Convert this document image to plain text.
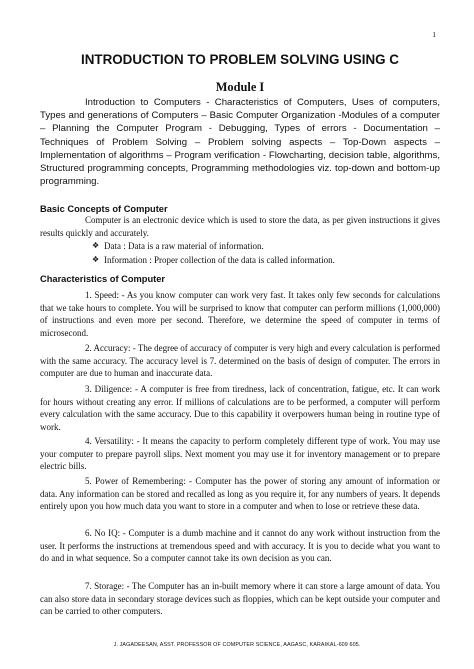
1
INTRODUCTION TO PROBLEM SOLVING USING C
Module I

Introduction to Computers - Characteristics of Computers, Uses of computers, Types and generations of Computers – Basic Computer Organization -Modules of a computer – Planning the Computer Program - Debugging, Types of errors - Documentation – Techniques of Problem Solving – Problem solving aspects – Top-Down aspects – Implementation of algorithms – Program verification - Flowcharting, decision table, algorithms, Structured programming concepts, Programming methodologies viz. top-down and bottom-up programming.

Basic Concepts of Computer

Computer is an electronic device which is used to store the data, as per given instructions it gives results quickly and accurately.

❖ Data : Data is a raw material of information.
❖ Information : Proper collection of the data is called information.
Characteristics of Computer

1. Speed: - As you know computer can work very fast. It takes only few seconds for calculations that we take hours to complete. You will be surprised to know that computer can perform millions (1,000,000) of instructions and even more per second. Therefore, we determine the speed of computer in terms of microsecond.

2. Accuracy: - The degree of accuracy of computer is very high and every calculation is performed with the same accuracy. The accuracy level is 7. determined on the basis of design of computer. The errors in computer are due to human and inaccurate data.

3. Diligence: - A computer is free from tiredness, lack of concentration, fatigue, etc. It can work for hours without creating any error. If millions of calculations are to be performed, a computer will perform every calculation with the same accuracy. Due to this capability it overpowers human being in routine type of work.

4. Versatility: - It means the capacity to perform completely different type of work. You may use your computer to prepare payroll slips. Next moment you may use it for inventory management or to prepare electric bills.

5. Power of Remembering: - Computer has the power of storing any amount of information or data. Any information can be stored and recalled as long as you require it, for any numbers of years. It depends entirely upon you how much data you want to store in a computer and when to lose or retrieve these data.

6. No IQ: - Computer is a dumb machine and it cannot do any work without instruction from the user. It performs the instructions at tremendous speed and with accuracy. It is you to decide what you want to do and in what sequence. So a computer cannot take its own decision as you can.

7. Storage: - The Computer has an in-built memory where it can store a large amount of data. You can also store data in secondary storage devices such as floppies, which can be kept outside your computer and can be carried to other computers.

J. JAGADEESAN, ASST. PROFESSOR OF COMPUTER SCIENCE, AAGASC, KARAIKAL-609 605.
